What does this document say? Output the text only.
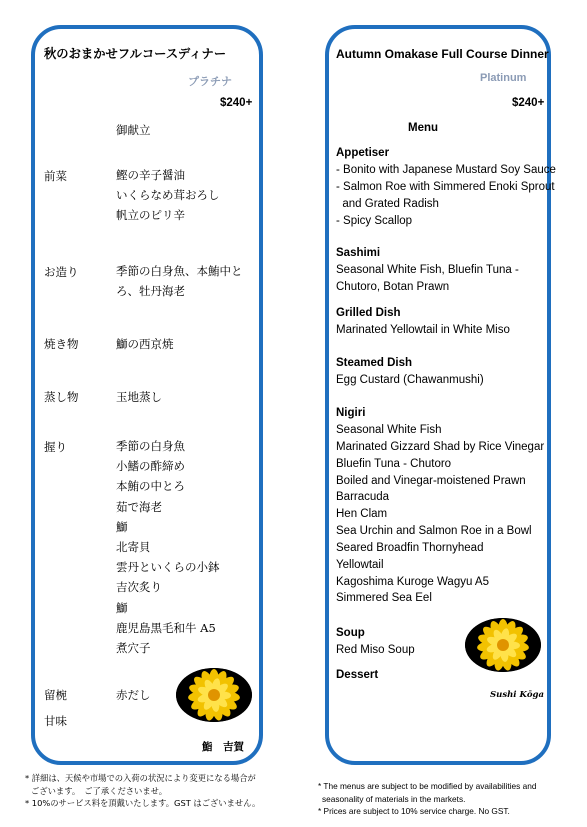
秋のおまかせフルコースディナー
プラチナ
$240+
御献立
前菜	鰹の辛子醤油
いくらなめ茸おろし
帆立のピリ辛
お造り	季節の白身魚、本鮪中と
ろ、牡丹海老
焼き物	鰤の西京焼
蒸し物	玉地蒸し
握り	季節の白身魚
小鰭の酢締め
本鮪の中とろ
茹で海老
鰤
北寄貝
雲丹といくらの小鉢
吉次炙り
鰤
鹿児島黒毛和牛 A5
煮穴子
留椀	赤だし
甘味
鮨　吉賀
* 詳細は、天候や市場での入荷の状況により変更になる場合が
ございます。　ご了承くださいませ。
* 10%のサービス料を頂戴いたします。GST はございません。
Autumn Omakase Full Course Dinner
Platinum
$240+
Menu
Appetiser
- Bonito with Japanese Mustard Soy Sauce
- Salmon Roe with Simmered Enoki Sprout
and Grated Radish
- Spicy Scallop
Sashimi
Seasonal White Fish, Bluefin Tuna -
Chutoro, Botan Prawn
Grilled Dish
Marinated Yellowtail in White Miso
Steamed Dish
Egg Custard (Chawanmushi)
Nigiri
Seasonal White Fish
Marinated Gizzard Shad by Rice Vinegar
Bluefin Tuna - Chutoro
Boiled and Vinegar-moistened Prawn
Barracuda
Hen Clam
Sea Urchin and Salmon Roe in a Bowl
Seared Broadfin Thornyhead
Yellowtail
Kagoshima Kuroge Wagyu A5
Simmered Sea Eel
Soup
Red Miso Soup
Dessert
Sushi Kōga
* The menus are subject to be modified by availabilities and
seasonality of materials in the markets.
* Prices are subject to 10% service charge. No GST.
